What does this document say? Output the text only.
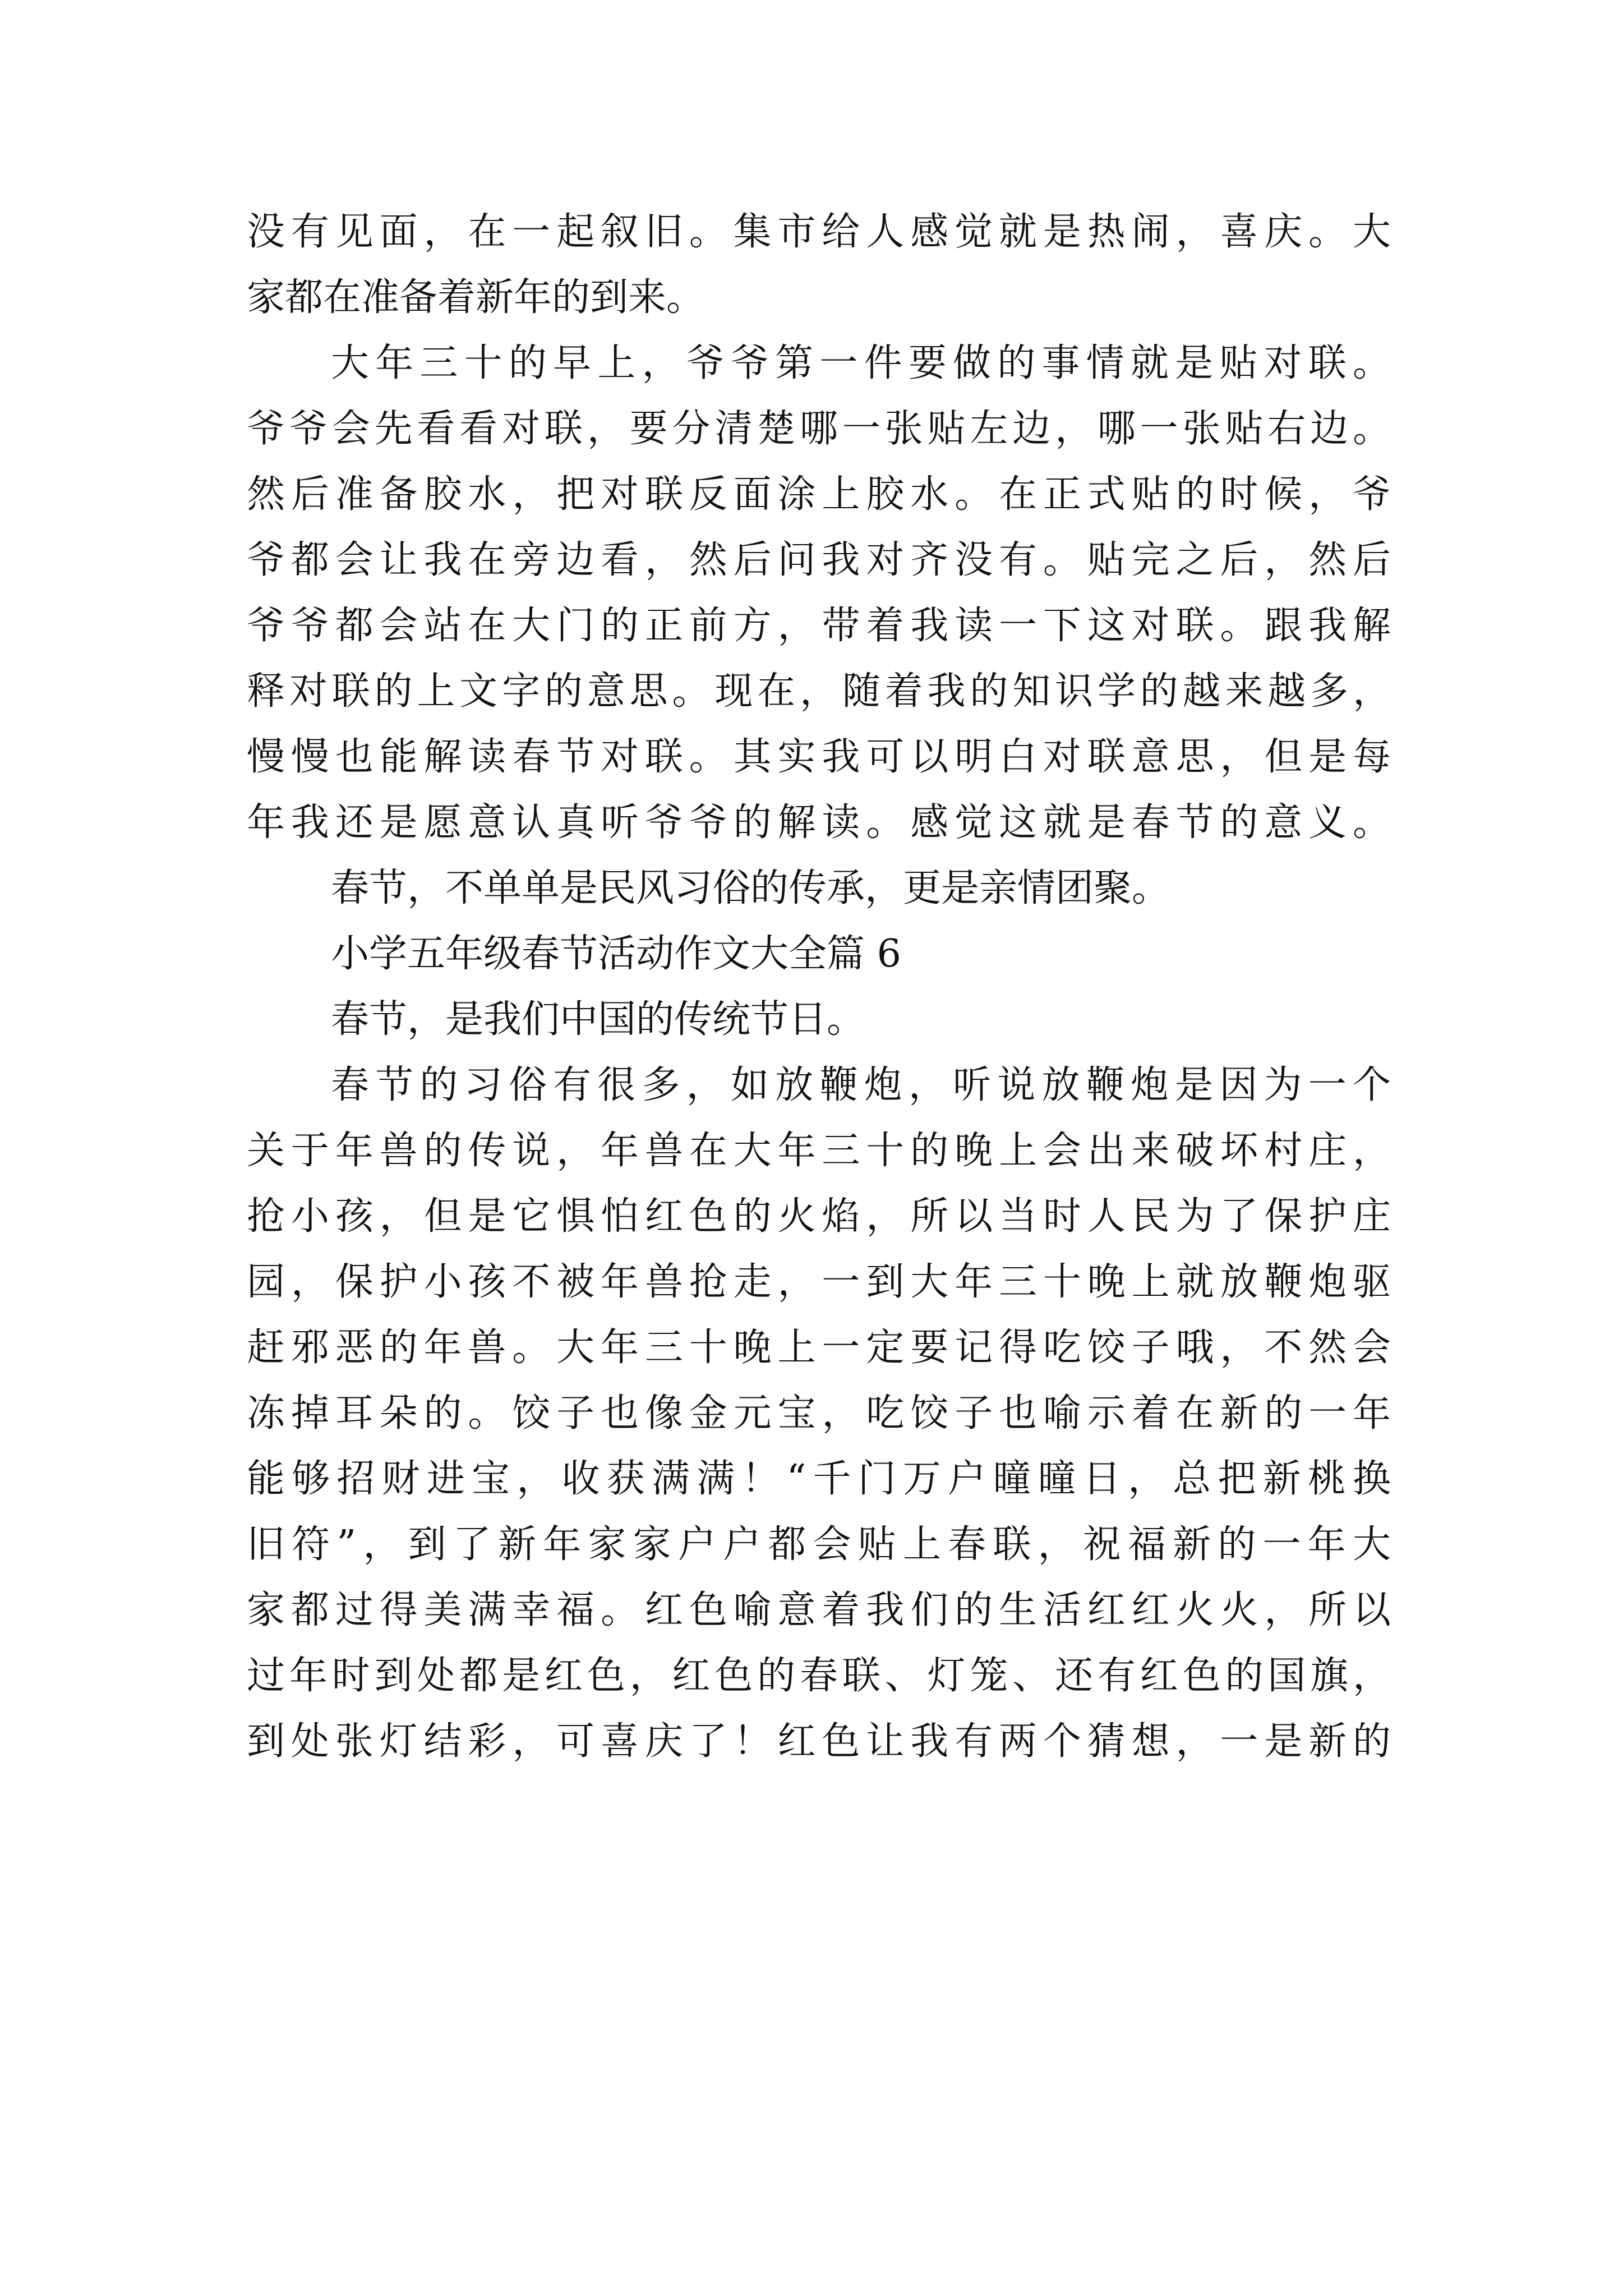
没有见面，在一起叙旧。集市给人感觉就是热闹，喜庆。大
家都在准备着新年的到来。
大年三十的早上，爷爷第一件要做的事情就是贴对联。
爷爷会先看看对联，要分清楚哪一张贴左边，哪一张贴右边。
然后准备胶水，把对联反面涂上胶水。在正式贴的时候，爷
爷都会让我在旁边看，然后问我对齐没有。贴完之后，然后
爷爷都会站在大门的正前方，带着我读一下这对联。跟我解
释对联的上文字的意思。现在，随着我的知识学的越来越多，
慢慢也能解读春节对联。其实我可以明白对联意思，但是每
年我还是愿意认真听爷爷的解读。感觉这就是春节的意义。
春节，不单单是民风习俗的传承，更是亲情团聚。
小学五年级春节活动作文大全篇 6
春节，是我们中国的传统节日。
春节的习俗有很多，如放鞭炮，听说放鞭炮是因为一个
关于年兽的传说，年兽在大年三十的晚上会出来破坏村庄，
抢小孩，但是它惧怕红色的火焰，所以当时人民为了保护庄
园，保护小孩不被年兽抢走，一到大年三十晚上就放鞭炮驱
赶邪恶的年兽。大年三十晚上一定要记得吃饺子哦，不然会
冻掉耳朵的。饺子也像金元宝，吃饺子也喻示着在新的一年
能够招财进宝，收获满满！“千门万户曈曈日，总把新桃换
旧符”，到了新年家家户户都会贴上春联，祝福新的一年大
家都过得美满幸福。红色喻意着我们的生活红红火火，所以
过年时到处都是红色，红色的春联、灯笼、还有红色的国旗，
到处张灯结彩，可喜庆了！红色让我有两个猜想，一是新的
